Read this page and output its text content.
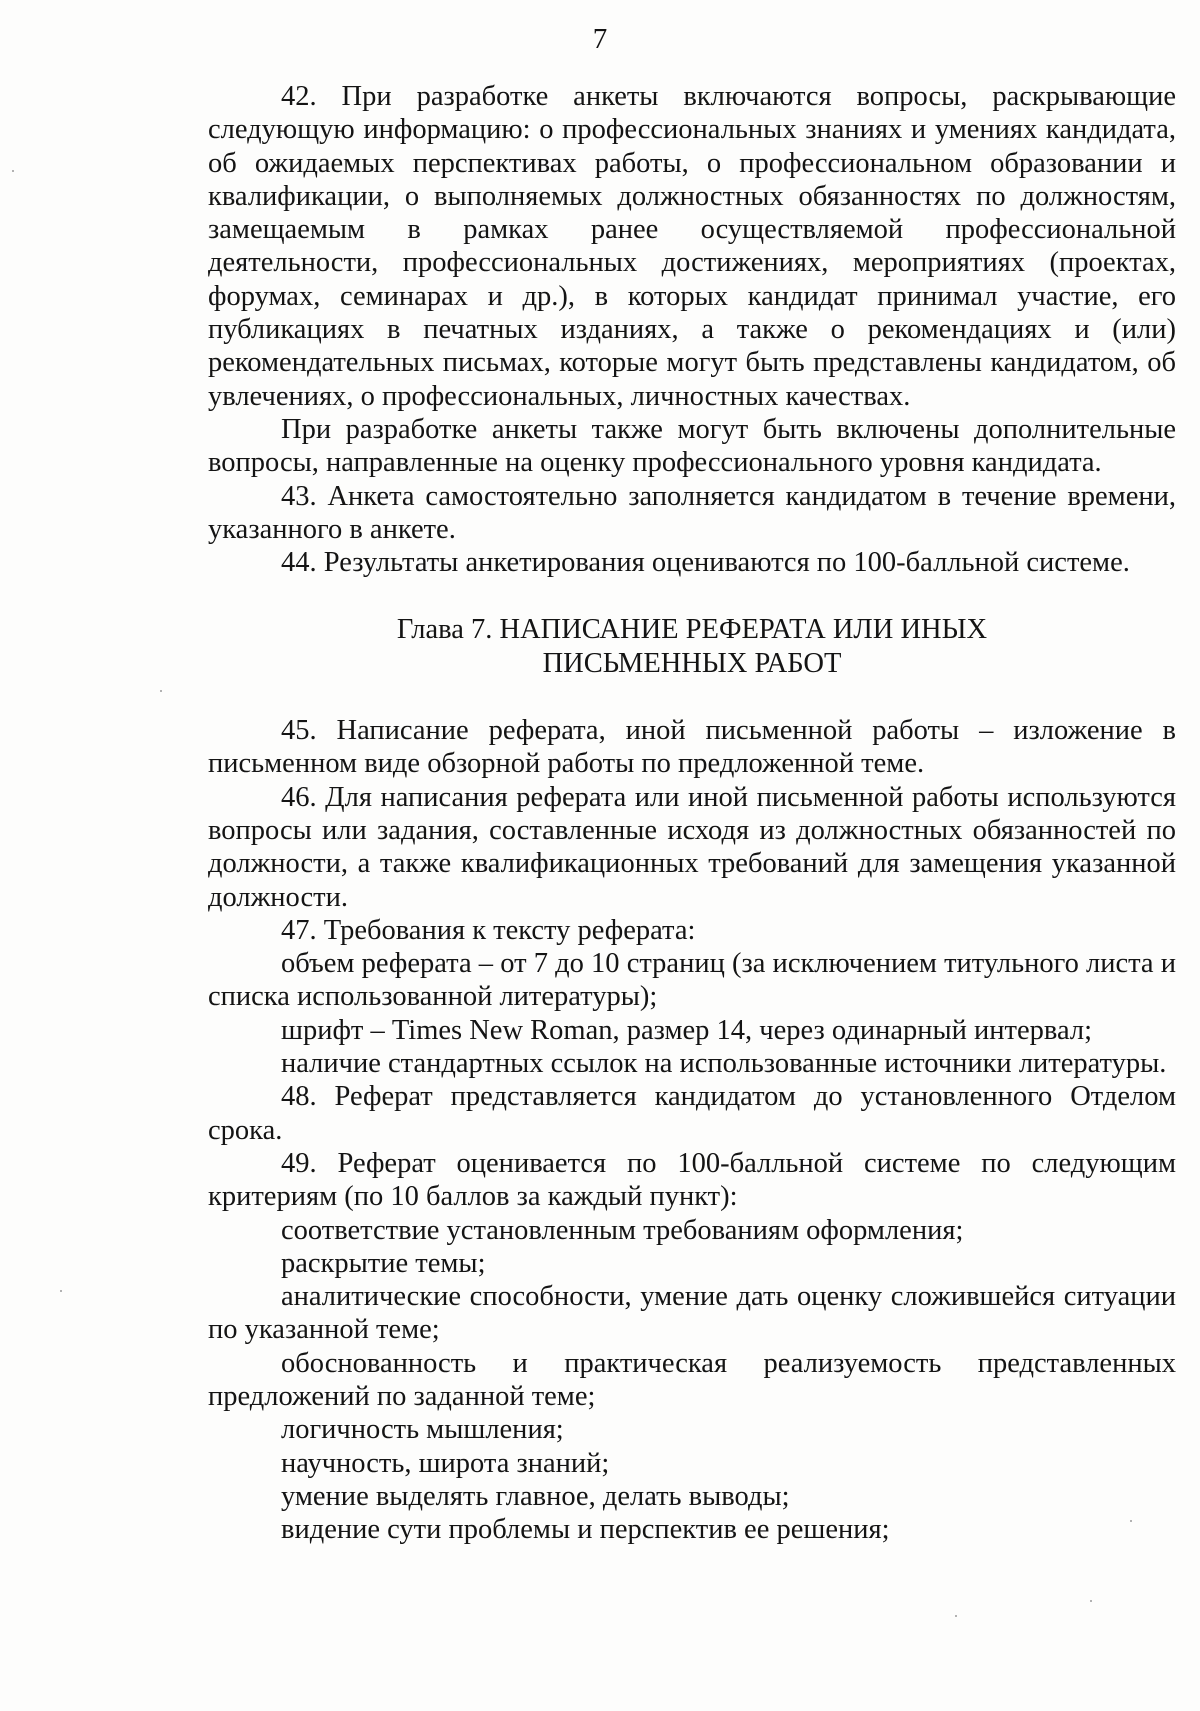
7

42. При разработке анкеты включаются вопросы, раскрывающие следующую информацию: о профессиональных знаниях и умениях кандидата, об ожидаемых перспективах работы, о профессиональном образовании и квалификации, о выполняемых должностных обязанностях по должностям, замещаемым в рамках ранее осуществляемой профессиональной деятельности, профессиональных достижениях, мероприятиях (проектах, форумах, семинарах и др.), в которых кандидат принимал участие, его публикациях в печатных изданиях, а также о рекомендациях и (или) рекомендательных письмах, которые могут быть представлены кандидатом, об увлечениях, о профессиональных, личностных качествах.

При разработке анкеты также могут быть включены дополнительные вопросы, направленные на оценку профессионального уровня кандидата.

43. Анкета самостоятельно заполняется кандидатом в течение времени, указанного в анкете.

44. Результаты анкетирования оцениваются по 100-балльной системе.

Глава 7. НАПИСАНИЕ РЕФЕРАТА ИЛИ ИНЫХ
ПИСЬМЕННЫХ РАБОТ

45. Написание реферата, иной письменной работы – изложение в письменном виде обзорной работы по предложенной теме.

46. Для написания реферата или иной письменной работы используются вопросы или задания, составленные исходя из должностных обязанностей по должности, а также квалификационных требований для замещения указанной должности.

47. Требования к тексту реферата:

объем реферата – от 7 до 10 страниц (за исключением титульного листа и списка использованной литературы);

шрифт – Times New Roman, размер 14, через одинарный интервал;

наличие стандартных ссылок на использованные источники литературы.

48. Реферат представляется кандидатом до установленного Отделом срока.

49. Реферат оценивается по 100-балльной системе по следующим критериям (по 10 баллов за каждый пункт):

соответствие установленным требованиям оформления;

раскрытие темы;

аналитические способности, умение дать оценку сложившейся ситуации по указанной теме;

обоснованность и практическая реализуемость представленных предложений по заданной теме;

логичность мышления;

научность, широта знаний;

умение выделять главное, делать выводы;

видение сути проблемы и перспектив ее решения;
